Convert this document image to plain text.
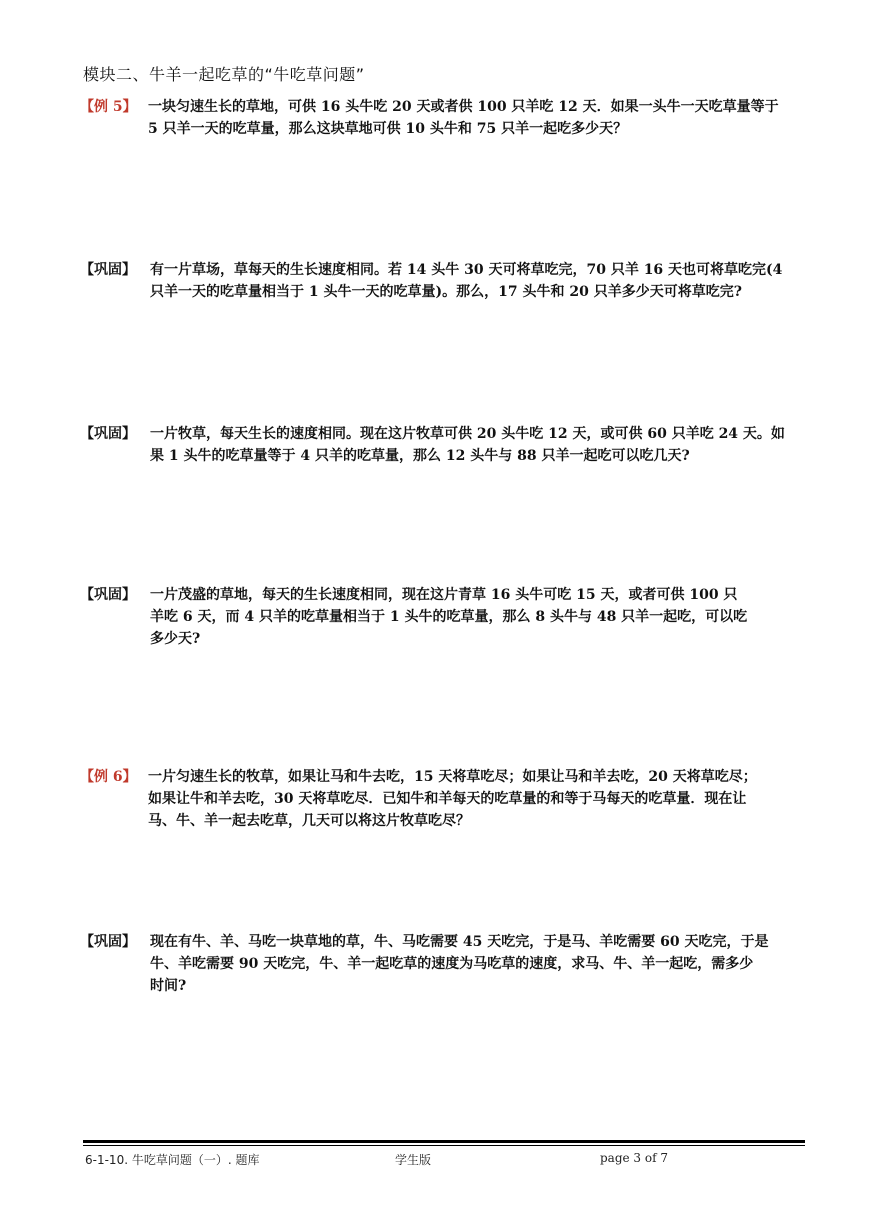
模块二、牛羊一起吃草的“牛吃草问题”
【例 5】 一块匀速生长的草地，可供 16 头牛吃 20 天或者供 100 只羊吃 12 天．如果一头牛一天吃草量等于
5 只羊一天的吃草量，那么这块草地可供 10 头牛和 75 只羊一起吃多少天？
【巩固】 有一片草场，草每天的生长速度相同。若 14 头牛 30 天可将草吃完，70 只羊 16 天也可将草吃完(4
只羊一天的吃草量相当于 1 头牛一天的吃草量)。那么，17 头牛和 20 只羊多少天可将草吃完?
【巩固】 一片牧草，每天生长的速度相同。现在这片牧草可供 20 头牛吃 12 天，或可供 60 只羊吃 24 天。如
果 1 头牛的吃草量等于 4 只羊的吃草量，那么 12 头牛与 88 只羊一起吃可以吃几天?
【巩固】 一片茂盛的草地，每天的生长速度相同，现在这片青草 16 头牛可吃 15 天，或者可供 100 只
羊吃 6 天，而 4 只羊的吃草量相当于 1 头牛的吃草量，那么 8 头牛与 48 只羊一起吃，可以吃
多少天?
【例 6】 一片匀速生长的牧草，如果让马和牛去吃，15 天将草吃尽；如果让马和羊去吃，20 天将草吃尽；
如果让牛和羊去吃，30 天将草吃尽．已知牛和羊每天的吃草量的和等于马每天的吃草量．现在让
马、牛、羊一起去吃草，几天可以将这片牧草吃尽？
【巩固】 现在有牛、羊、马吃一块草地的草，牛、马吃需要 45 天吃完，于是马、羊吃需要 60 天吃完，于是
牛、羊吃需要 90 天吃完，牛、羊一起吃草的速度为马吃草的速度，求马、牛、羊一起吃，需多少
时间?
6-1-10. 牛吃草问题（一）. 题库	学生版	page 3 of 7
